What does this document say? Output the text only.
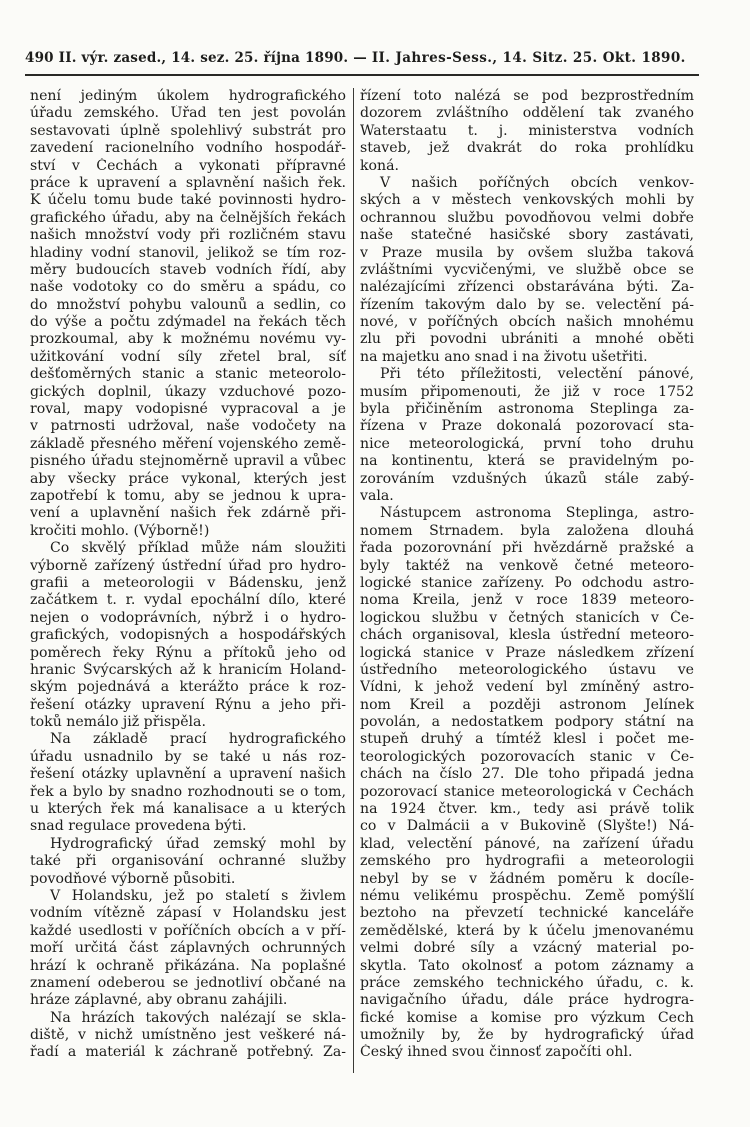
490 II. výr. zased., 14. sez. 25. října 1890. — II. Jahres-Sess., 14. Sitz. 25. Okt. 1890.
není jediným úkolem hydrografického
úřadu zemského. Úřad ten jest povolán
sestavovati úplně spolehlivý substrát pro
zavedení racionelního vodního hospodář-
ství v Čechách a vykonati přípravné
práce k upravení a splavnění našich řek.
K účelu tomu bude také povinnosti hydro-
grafického úřadu, aby na čelnějších řekách
našich množství vody při rozličném stavu
hladiny vodní stanovil, jelikož se tím roz-
měry budoucích staveb vodních řídí, aby
naše vodotoky co do směru a spádu, co
do množství pohybu valounů a sedlin, co
do výše a počtu zdýmadel na řekách těch
prozkoumal, aby k možnému novému vy-
užitkování vodní síly zřetel bral, síť
dešťoměrných stanic a stanic meteorolo-
gických doplnil, úkazy vzduchové pozo-
roval, mapy vodopisné vypracoval a je
v patrnosti udržoval, naše vodočety na
základě přesného měření vojenského země-
pisného úřadu stejnoměrně upravil a vůbec
aby všecky práce vykonal, kterých jest
zapotřebí k tomu, aby se jednou k upra-
vení a uplavnění našich řek zdárně při-
kročiti mohlo. (Výborně!)
Co skvělý příklad může nám sloužiti
výborně zařízený ústřední úřad pro hydro-
grafii a meteorologii v Bádensku, jenž
začátkem t. r. vydal epochální dílo, které
nejen o vodoprávních, nýbrž i o hydro-
grafických, vodopisných a hospodářských
poměrech řeky Rýnu a přítoků jeho od
hranic Švýcarských až k hranicím Holand-
ským pojednává a kterážto práce k roz-
řešení otázky upravení Rýnu a jeho při-
toků nemálo již přispěla.
Na základě prací hydrografického
úřadu usnadnilo by se také u nás roz-
řešení otázky uplavnění a upravení našich
řek a bylo by snadno rozhodnouti se o tom,
u kterých řek má kanalisace a u kterých
snad regulace provedena býti.
Hydrografický úřad zemský mohl by
také při organisování ochranné služby
povodňové výborně působiti.
V Holandsku, jež po staletí s živlem
vodním vítězně zápasí v Holandsku jest
každé usedlosti v poříčních obcích a v pří-
moří určitá část záplavných ochrunných
hrází k ochraně přikázána. Na poplašné
znamení odeberou se jednotliví občané na
hráze záplavné, aby obranu zahájili.
Na hrázích takových nalézají se skla-
diště, v nichž umístněno jest veškeré ná-
řadí a materiál k záchraně potřebný. Za-
řízení toto nalézá se pod bezprostředním
dozorem zvláštního oddělení tak zvaného
Waterstaatu t. j. ministerstva vodních
staveb, jež dvakrát do roka prohlídku
koná.
V našich poříčných obcích venkov-
ských a v městech venkovských mohli by
ochrannou službu povodňovou velmi dobře
naše statečné hasičské sbory zastávati,
v Praze musila by ovšem služba taková
zvláštními vycvičenými, ve službě obce se
nalézajícími zřízenci obstarávána býti. Za-
řízením takovým dalo by se. velectění pá-
nové, v poříčných obcích našich mnohému
zlu při povodni ubrániti a mnohé oběti
na majetku ano snad i na životu ušetřiti.
Při této příležitosti, velectění pánové,
musím připomenouti, že již v roce 1752
byla přičiněním astronoma Steplinga za-
řízena v Praze dokonalá pozorovací sta-
nice meteorologická, první toho druhu
na kontinentu, která se pravidelným po-
zorováním vzdušných úkazů stále zabý-
vala.
Nástupcem astronoma Steplinga, astro-
nomem Strnadem. byla založena dlouhá
řada pozorovnání při hvězdárně pražské a
byly taktéž na venkově četné meteoro-
logické stanice zařízeny. Po odchodu astro-
noma Kreila, jenž v roce 1839 meteoro-
logickou službu v četných stanicích v Če-
chách organisoval, klesla ústřední meteoro-
logická stanice v Praze následkem zřízení
ústředního meteorologického ústavu ve
Vídni, k jehož vedení byl zmíněný astro-
nom Kreil a později astronom Jelínek
povolán, a nedostatkem podpory státní na
stupeň druhý a tímtéž klesl i počet me-
teorologických pozorovacích stanic v Če-
chách na číslo 27. Dle toho připadá jedna
pozorovací stanice meteorologická v Čechách
na 1924 čtver. km., tedy asi právě tolik
co v Dalmácii a v Bukovině (Slyšte!) Ná-
klad, velectění pánové, na zařízení úřadu
zemského pro hydrografii a meteorologii
nebyl by se v žádném poměru k docíle-
nému velikému prospěchu. Země pomýšlí
beztoho na převzetí technické kanceláře
zemědělské, která by k účelu jmenovanému
velmi dobré síly a vzácný material po-
skytla. Tato okolnosť a potom záznamy a
práce zemského technického úřadu, c. k.
navigačního úřadu, dále práce hydrogra-
fické komise a komise pro výzkum Cech
umožnily by, že by hydrografický úřad
Český ihned svou činnosť započíti ohl.
